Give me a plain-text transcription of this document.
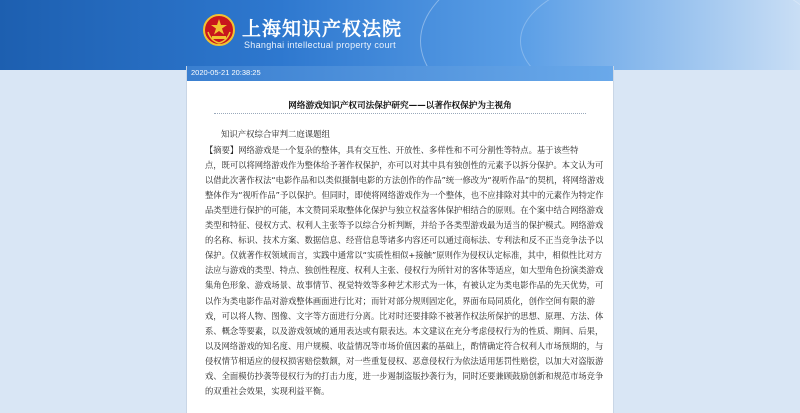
上海知识产权法院
Shanghai intellectual property court
2020-05-21 20:38:25
网络游戏知识产权司法保护研究——以著作权保护为主视角
知识产权综合审判二庭课题组
【摘要】网络游戏是一个复杂的整体，具有交互性、开放性、多样性和不可分割性等特点。基于该些特
点，既可以将网络游戏作为整体给予著作权保护，亦可以对其中具有独创性的元素予以拆分保护。本文认为可
以借此次著作权法“电影作品和以类似摄制电影的方法创作的作品”统一修改为“视听作品”的契机，将网络游戏
整体作为“视听作品”予以保护。但同时，即使将网络游戏作为一个整体，也不应排除对其中的元素作为特定作
品类型进行保护的可能，本文赞同采取整体化保护与独立权益客体保护相结合的原则。在个案中结合网络游戏
类型和特征、侵权方式、权利人主张等予以综合分析判断，并给予各类型游戏最为适当的保护模式。网络游戏
的名称、标识、技术方案、数据信息、经营信息等诸多内容还可以通过商标法、专利法和反不正当竞争法予以
保护。仅就著作权领域而言，实践中通常以“实质性相似+接触”原则作为侵权认定标准，其中，相似性比对方
法应与游戏的类型、特点、独创性程度、权利人主张、侵权行为所针对的客体等适应，如大型角色扮演类游戏
集角色形象、游戏场景、故事情节、视觉特效等多种艺术形式为一体，有被认定为类电影作品的先天优势，可
以作为类电影作品对游戏整体画面进行比对；而针对部分规则固定化，界面布局同质化，创作空间有限的游
戏，可以将人物、图像、文字等方面进行分离。比对时还要排除不被著作权法所保护的思想、原理、方法、体
系、概念等要素，以及游戏领域的通用表达或有限表达。本文建议在充分考虑侵权行为的性质、期间、后果，
以及网络游戏的知名度、用户规模、收益情况等市场价值因素的基础上，酌情确定符合权利人市场预期的，与
侵权情节相适应的侵权损害赔偿数额，对一些重复侵权、恶意侵权行为依法适用惩罚性赔偿，以加大对盗版游
戏、全面模仿抄袭等侵权行为的打击力度，进一步遏制盗版抄袭行为，同时还要兼顾鼓励创新和规范市场竞争
的双重社会效果，实现利益平衡。
